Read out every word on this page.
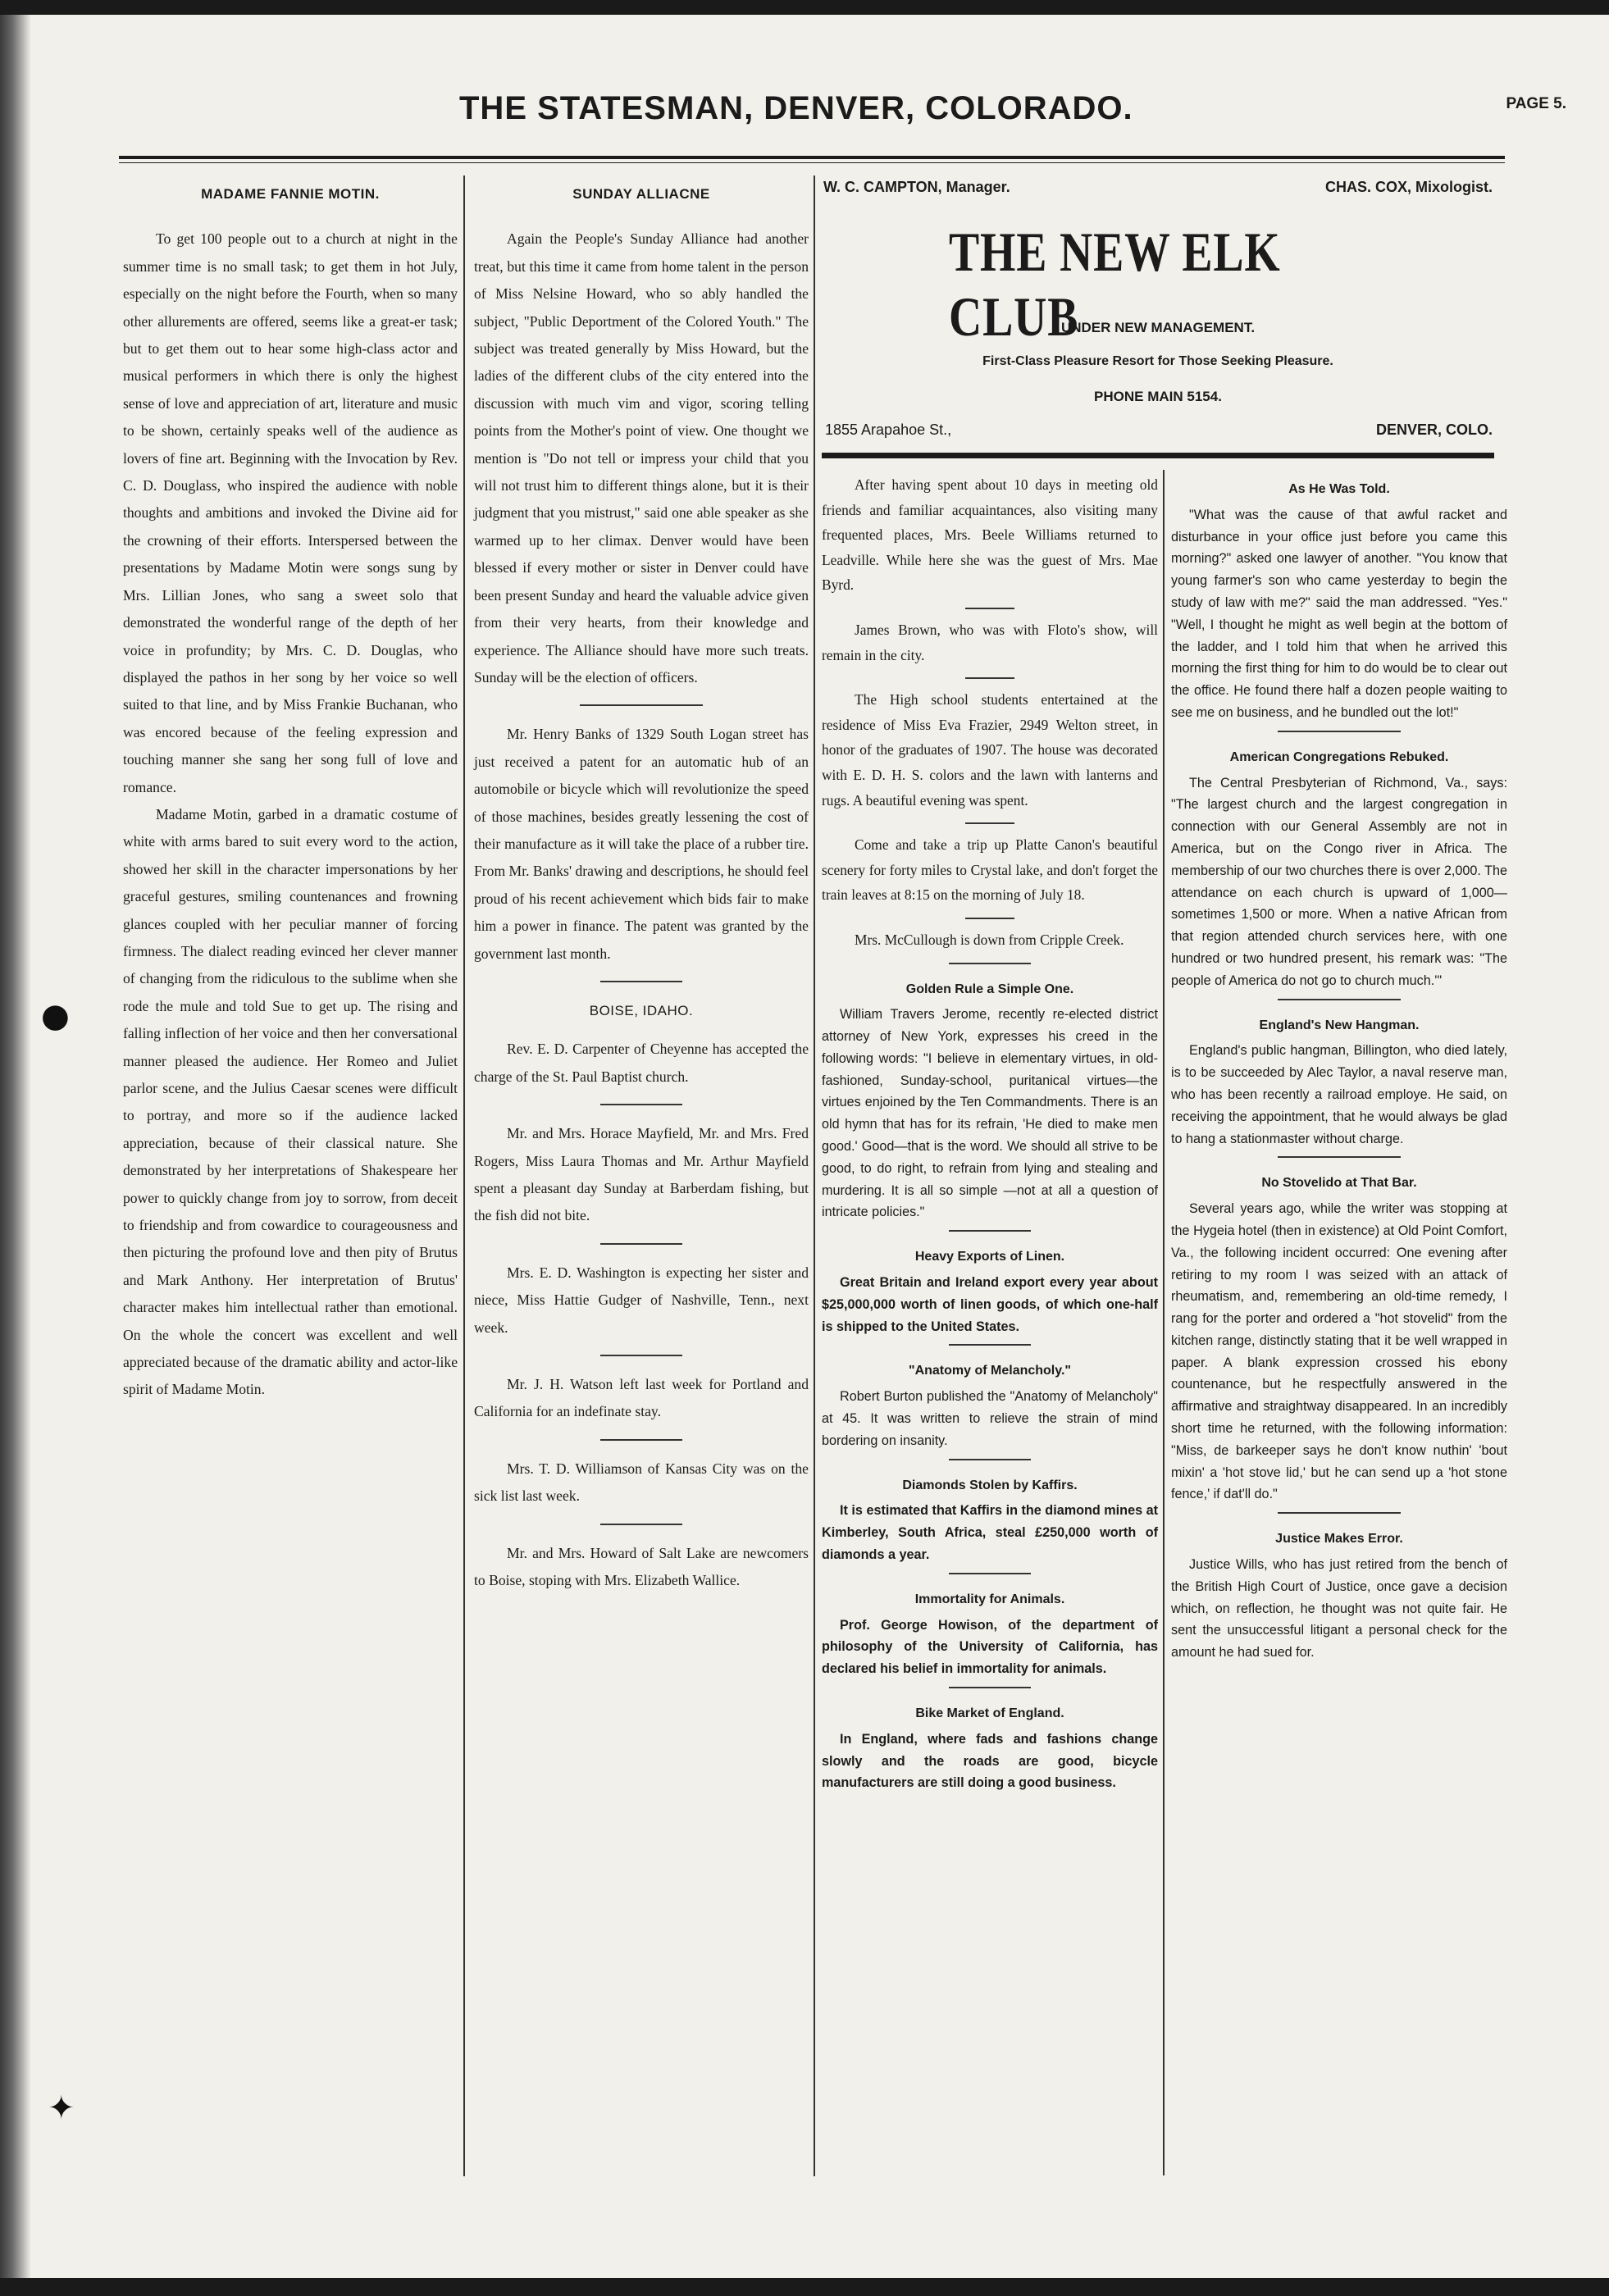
THE STATESMAN, DENVER, COLORADO.	PAGE 5.
MADAME FANNIE MOTIN.

To get 100 people out to a church at night in the summer time is no small task; to get them in hot July, especially on the night before the Fourth, when so many other allurements are offered, seems like a great-er task; but to get them out to hear some high-class actor and musical performers in which there is only the highest sense of love and appreciation of art, literature and music to be shown, certainly speaks well of the audience as lovers of fine art. Beginning with the Invocation by Rev. C. D. Douglass, who inspired the audience with noble thoughts and ambitions and invoked the Divine aid for the crowning of their efforts. Interspersed between the presentations by Madame Motin were songs sung by Mrs. Lillian Jones, who sang a sweet solo that demonstrated the wonderful range of the depth of her voice in profundity; by Mrs. C. D. Douglas, who displayed the pathos in her song by her voice so well suited to that line, and by Miss Frankie Buchanan, who was encored because of the feeling expression and touching manner she sang her song full of love and romance.

Madame Motin, garbed in a dramatic costume of white with arms bared to suit every word to the action, showed her skill in the character impersonations by her graceful gestures, smiling countenances and frowning glances coupled with her peculiar manner of forcing firmness. The dialect reading evinced her clever manner of changing from the ridiculous to the sublime when she rode the mule and told Sue to get up. The rising and falling inflection of her voice and then her conversational manner pleased the audience. Her Romeo and Juliet parlor scene, and the Julius Caesar scenes were difficult to portray, and more so if the audience lacked appreciation, because of their classical nature. She demonstrated by her interpretations of Shakespeare her power to quickly change from joy to sorrow, from deceit to friendship and from cowardice to courageousness and then picturing the profound love and then pity of Brutus and Mark Anthony. Her interpretation of Brutus' character makes him intellectual rather than emotional. On the whole the concert was excellent and well appreciated because of the dramatic ability and actor-like spirit of Madame Motin.

SUNDAY ALLIACNE

Again the People's Sunday Alliance had another treat, but this time it came from home talent in the person of Miss Nelsine Howard, who so ably handled the subject, "Public Deportment of the Colored Youth." The subject was treated generally by Miss Howard, but the ladies of the different clubs of the city entered into the discussion with much vim and vigor, scoring telling points from the Mother's point of view. One thought we mention is "Do not tell or impress your child that you will not trust him to different things alone, but it is their judgment that you mistrust," said one able speaker as she warmed up to her climax. Denver would have been blessed if every mother or sister in Denver could have been present Sunday and heard the valuable advice given from their very hearts, from their knowledge and experience. The Alliance should have more such treats. Sunday will be the election of officers.

Mr. Henry Banks of 1329 South Logan street has just received a patent for an automatic hub of an automobile or bicycle which will revolutionize the speed of those machines, besides greatly lessening the cost of their manufacture as it will take the place of a rubber tire. From Mr. Banks' drawing and descriptions, he should feel proud of his recent achievement which bids fair to make him a power in finance. The patent was granted by the government last month.

BOISE, IDAHO.

Rev. E. D. Carpenter of Cheyenne has accepted the charge of the St. Paul Baptist church.

Mr. and Mrs. Horace Mayfield, Mr. and Mrs. Fred Rogers, Miss Laura Thomas and Mr. Arthur Mayfield spent a pleasant day Sunday at Barberdam fishing, but the fish did not bite.

Mrs. E. D. Washington is expecting her sister and niece, Miss Hattie Gudger of Nashville, Tenn., next week.

Mr. J. H. Watson left last week for Portland and California for an indefinate stay.

Mrs. T. D. Williamson of Kansas City was on the sick list last week.

Mr. and Mrs. Howard of Salt Lake are newcomers to Boise, stoping with Mrs. Elizabeth Wallice.

W. C. CAMPTON, Manager.	CHAS. COX, Mixologist.
THE NEW ELK CLUB
UNDER NEW MANAGEMENT.
First-Class Pleasure Resort for Those Seeking Pleasure.
PHONE MAIN 5154.
1855 Arapahoe St.,	DENVER, COLO.

After having spent about 10 days in meeting old friends and familiar acquaintances, also visiting many frequented places, Mrs. Beele Williams returned to Leadville. While here she was the guest of Mrs. Mae Byrd.

James Brown, who was with Floto's show, will remain in the city.

The High school students entertained at the residence of Miss Eva Frazier, 2949 Welton street, in honor of the graduates of 1907. The house was decorated with E. D. H. S. colors and the lawn with lanterns and rugs. A beautiful evening was spent.

Come and take a trip up Platte Canon's beautiful scenery for forty miles to Crystal lake, and don't forget the train leaves at 8:15 on the morning of July 18.

Mrs. McCullough is down from Cripple Creek.

Golden Rule a Simple One.

William Travers Jerome, recently re-elected district attorney of New York, expresses his creed in the following words: "I believe in elementary virtues, in old-fashioned, Sunday-school, puritanical virtues—the virtues enjoined by the Ten Commandments. There is an old hymn that has for its refrain, 'He died to make men good.' Good—that is the word. We should all strive to be good, to do right, to refrain from lying and stealing and murdering. It is all so simple —not at all a question of intricate policies."

Heavy Exports of Linen.

Great Britain and Ireland export every year about $25,000,000 worth of linen goods, of which one-half is shipped to the United States.

"Anatomy of Melancholy."

Robert Burton published the "Anatomy of Melancholy" at 45. It was written to relieve the strain of mind bordering on insanity.

Diamonds Stolen by Kaffirs.

It is estimated that Kaffirs in the diamond mines at Kimberley, South Africa, steal £250,000 worth of diamonds a year.

Immortality for Animals.

Prof. George Howison, of the department of philosophy of the University of California, has declared his belief in immortality for animals.

Bike Market of England.

In England, where fads and fashions change slowly and the roads are good, bicycle manufacturers are still doing a good business.

As He Was Told.

"What was the cause of that awful racket and disturbance in your office just before you came this morning?" asked one lawyer of another. "You know that young farmer's son who came yesterday to begin the study of law with me?" said the man addressed. "Yes." "Well, I thought he might as well begin at the bottom of the ladder, and I told him that when he arrived this morning the first thing for him to do would be to clear out the office. He found there half a dozen people waiting to see me on business, and he bundled out the lot!"

American Congregations Rebuked.

The Central Presbyterian of Richmond, Va., says: "The largest church and the largest congregation in connection with our General Assembly are not in America, but on the Congo river in Africa. The membership of our two churches there is over 2,000. The attendance on each church is upward of 1,000—sometimes 1,500 or more. When a native African from that region attended church services here, with one hundred or two hundred present, his remark was: "The people of America do not go to church much.'"

England's New Hangman.

England's public hangman, Billington, who died lately, is to be succeeded by Alec Taylor, a naval reserve man, who has been recently a railroad employe. He said, on receiving the appointment, that he would always be glad to hang a stationmaster without charge.

No Stovelido at That Bar.

Several years ago, while the writer was stopping at the Hygeia hotel (then in existence) at Old Point Comfort, Va., the following incident occurred: One evening after retiring to my room I was seized with an attack of rheumatism, and, remembering an old-time remedy, I rang for the porter and ordered a "hot stovelid" from the kitchen range, distinctly stating that it be well wrapped in paper. A blank expression crossed his ebony countenance, but he respectfully answered in the affirmative and straightway disappeared. In an incredibly short time he returned, with the following information: "Miss, de barkeeper says he don't know nuthin' 'bout mixin' a 'hot stove lid,' but he can send up a 'hot stone fence,' if dat'll do."

Justice Makes Error.

Justice Wills, who has just retired from the bench of the British High Court of Justice, once gave a decision which, on reflection, he thought was not quite fair. He sent the unsuccessful litigant a personal check for the amount he had sued for.

●
✦
